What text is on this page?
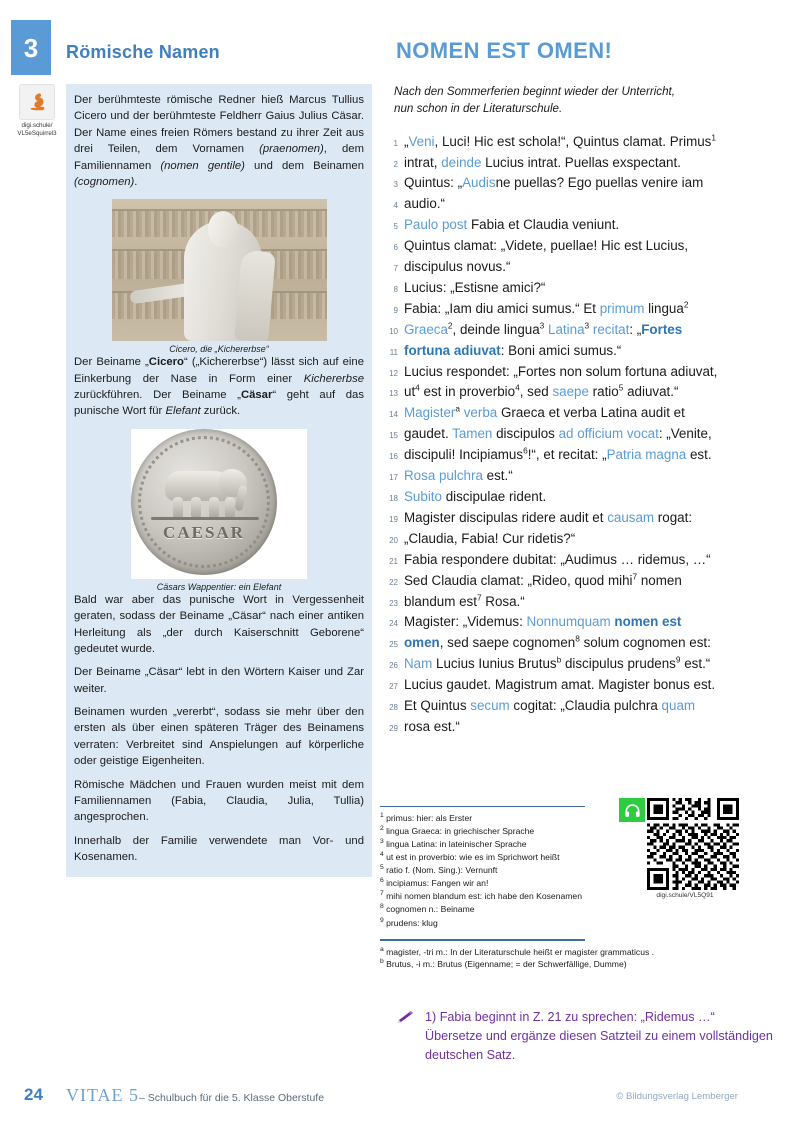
3 Römische Namen	NOMEN EST OMEN!
digi.schule/
VL5eSquirrel3

Der berühmteste römische Redner hieß Marcus Tullius Cicero und der berühmteste Feldherr Gaius Julius Cäsar. Der Name eines freien Römers bestand zu ihrer Zeit aus drei Teilen, dem Vornamen (praenomen), dem Familiennamen (nomen gentile) und dem Beinamen (cognomen).

Cicero, die „Kichererbse“

Der Beiname „Cicero“ („Kichererbse“) lässt sich auf eine Einkerbung der Nase in Form einer Kichererbse zurückführen. Der Beiname „Cäsar“ geht auf das punische Wort für Elefant zurück.

CAESAR
Cäsars Wappentier: ein Elefant

Bald war aber das punische Wort in Vergessenheit geraten, sodass der Beiname „Cäsar“ nach einer antiken Herleitung als „der durch Kaiserschnitt Geborene“ gedeutet wurde.

Der Beiname „Cäsar“ lebt in den Wörtern Kaiser und Zar weiter.

Beinamen wurden „vererbt“, sodass sie mehr über den ersten als über einen späteren Träger des Beinamens verraten: Verbreitet sind Anspielungen auf körperliche oder geistige Eigenheiten.

Römische Mädchen und Frauen wurden meist mit dem Familiennamen (Fabia, Claudia, Julia, Tullia) angesprochen.

Innerhalb der Familie verwendete man Vor- und Kosenamen.

Nach den Sommerferien beginnt wieder der Unterricht,
nun schon in der Literaturschule.
1 „Veni, Luci! Hic est schola!“, Quintus clamat. Primus$^1$
2 intrat, deinde Lucius intrat. Puellas exspectant.
3 Quintus: „Audisne puellas? Ego puellas venire iam
4 audio.“
5 Paulo post Fabia et Claudia veniunt.
6 Quintus clamat: „Videte, puellae! Hic est Lucius,
7 discipulus novus.“
8 Lucius: „Estisne amici?“
9 Fabia: „Iam diu amici sumus.“ Et primum lingua$^2$
10 Graeca$^2$, deinde lingua$^3$ Latina$^3$ recitat: „Fortes
11 fortuna adiuvat: Boni amici sumus.“
12 Lucius respondet: „Fortes non solum fortuna adiuvat,
13 $ut^4$ est in proverbio$^4$, sed saepe ratio$^5$ adiuvat.“
14 Magister$^a$ verba Graeca et verba Latina audit et
15 gaudet. Tamen discipulos ad officium vocat: „Venite,
16 discipuli! Incipiamus$^6$!“, et recitat: „Patria magna est.
17 Rosa pulchra est.“
18 Subito discipulae rident.
19 Magister discipulas ridere audit et causam rogat:
20 „Claudia, Fabia! Cur ridetis?“
21 Fabia respondere dubitat: „Audimus … ridemus, …“
22 Sed Claudia clamat: „Rideo, quod mihi$^7$ nomen
23 blandum est$^7$ Rosa.“
24 Magister: „Videmus: Nonnumquam nomen est
25 omen, sed saepe cognomen$^8$ solum cognomen est:
26 Nam Lucius Iunius Brutus$^b$ discipulus prudens$^9$ est.“
27 Lucius gaudet. Magistrum amat. Magister bonus est.
28 Et Quintus secum cogitat: „Claudia pulchra quam
29 rosa est.“
$^1$ primus: hier: als Erster
$^2$ lingua Graeca: in griechischer Sprache
$^3$ lingua Latina: in lateinischer Sprache
$^4$ ut est in proverbio: wie es im Sprichwort heißt
$^5$ ratio f. (Nom. Sing.): Vernunft
$^6$ incipiamus: Fangen wir an!
$^7$ mihi nomen blandum est: ich habe den Kosenamen
$^8$ cognomen n.: Beiname
$^9$ prudens: klug
$^a$ magister, -tri m.: In der Literaturschule heißt er magister grammaticus .
$^b$ Brutus, -i m.: Brutus (Eigenname; = der Schwerfällige, Dumme)
digi.schule/VL5Q91
1) Fabia beginnt in Z. 21 zu sprechen: „Ridemus …“
Übersetze und ergänze diesen Satzteil zu einem vollständigen deutschen Satz.
24 VITAE 5– Schulbuch für die 5. Klasse Oberstufe	© Bildungsverlag Lemberger
